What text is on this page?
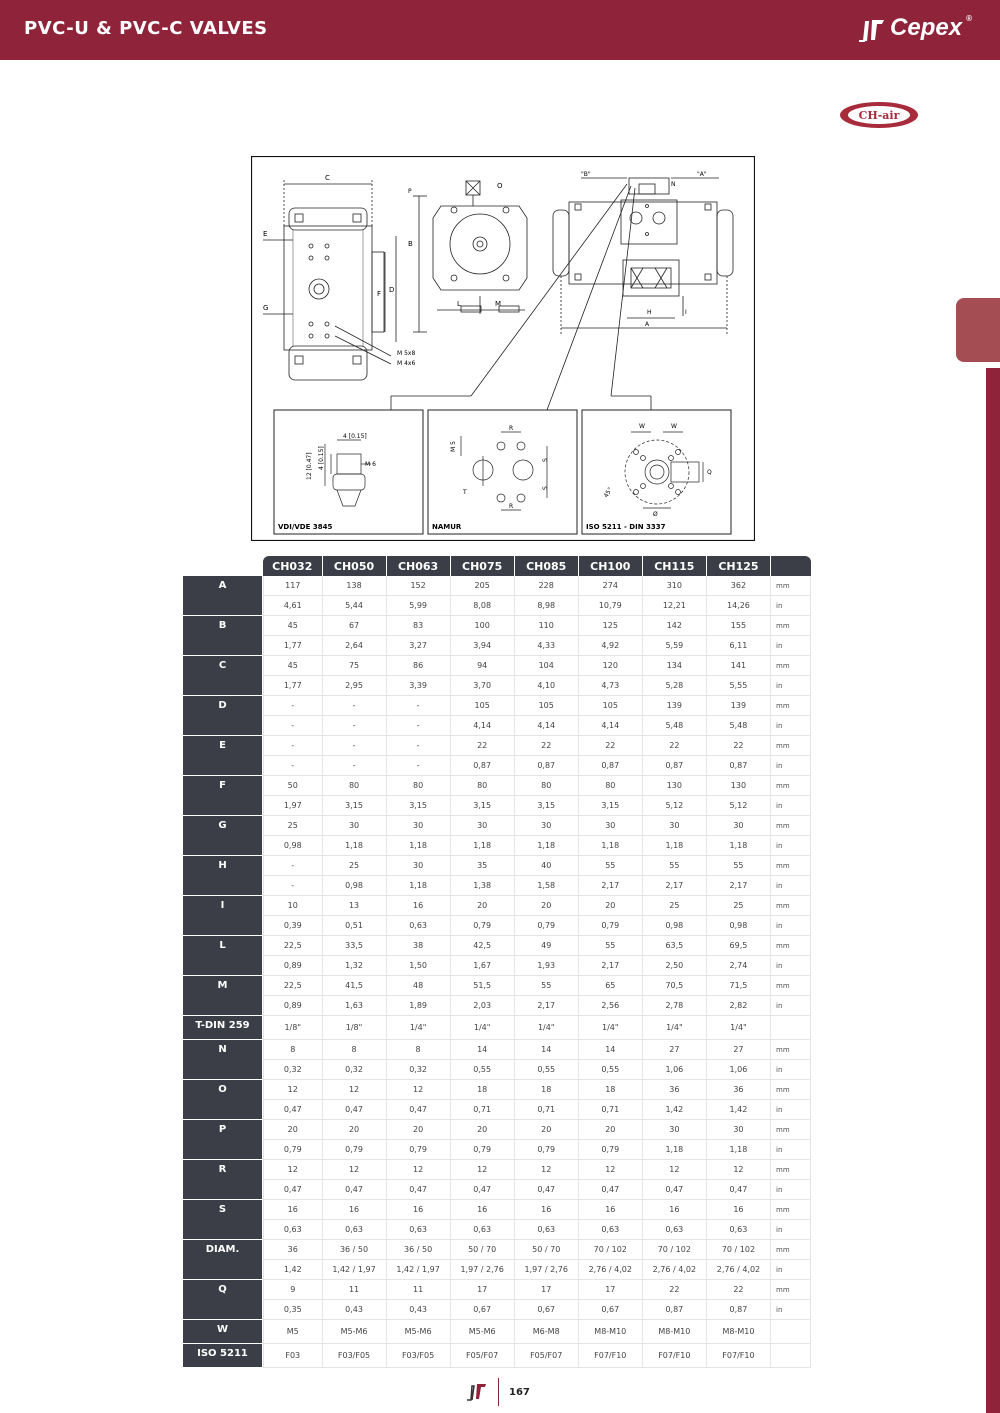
PVC-U & PVC-C VALVES	Cepex ®
CH-air
C
E
G
F D
M 5x8
M 4x6
P
B
O
L	M
"B"
N
"A"
H	I
A
4 [0.15]
12 [0.47] 4 [0.15]	M 6
VDI/VDE 3845
R
R
S
S
M 5
T
NAMUR
W	W
Q
Ø
45°
ISO 5211 - DIN 3337
	CH032	CH050	CH063	CH075	CH085	CH100	CH115	CH125	
A	117	138	152	205	228	274	310	362	mm
	4,61	5,44	5,99	8,08	8,98	10,79	12,21	14,26	in
B	45	67	83	100	110	125	142	155	mm
	1,77	2,64	3,27	3,94	4,33	4,92	5,59	6,11	in
C	45	75	86	94	104	120	134	141	mm
	1,77	2,95	3,39	3,70	4,10	4,73	5,28	5,55	in
D	-	-	-	105	105	105	139	139	mm
	-	-	-	4,14	4,14	4,14	5,48	5,48	in
E	-	-	-	22	22	22	22	22	mm
	-	-	-	0,87	0,87	0,87	0,87	0,87	in
F	50	80	80	80	80	80	130	130	mm
	1,97	3,15	3,15	3,15	3,15	3,15	5,12	5,12	in
G	25	30	30	30	30	30	30	30	mm
	0,98	1,18	1,18	1,18	1,18	1,18	1,18	1,18	in
H	-	25	30	35	40	55	55	55	mm
	-	0,98	1,18	1,38	1,58	2,17	2,17	2,17	in
I	10	13	16	20	20	20	25	25	mm
	0,39	0,51	0,63	0,79	0,79	0,79	0,98	0,98	in
L	22,5	33,5	38	42,5	49	55	63,5	69,5	mm
	0,89	1,32	1,50	1,67	1,93	2,17	2,50	2,74	in
M	22,5	41,5	48	51,5	55	65	70,5	71,5	mm
	0,89	1,63	1,89	2,03	2,17	2,56	2,78	2,82	in
T-DIN 259	1/8"	1/8"	1/4"	1/4"	1/4"	1/4"	1/4"	1/4"	
N	8	8	8	14	14	14	27	27	mm
	0,32	0,32	0,32	0,55	0,55	0,55	1,06	1,06	in
O	12	12	12	18	18	18	36	36	mm
	0,47	0,47	0,47	0,71	0,71	0,71	1,42	1,42	in
P	20	20	20	20	20	20	30	30	mm
	0,79	0,79	0,79	0,79	0,79	0,79	1,18	1,18	in
R	12	12	12	12	12	12	12	12	mm
	0,47	0,47	0,47	0,47	0,47	0,47	0,47	0,47	in
S	16	16	16	16	16	16	16	16	mm
	0,63	0,63	0,63	0,63	0,63	0,63	0,63	0,63	in
DIAM.	36	36 / 50	36 / 50	50 / 70	50 / 70	70 / 102	70 / 102	70 / 102	mm
	1,42	1,42 / 1,97	1,42 / 1,97	1,97 / 2,76	1,97 / 2,76	2,76 / 4,02	2,76 / 4,02	2,76 / 4,02	in
Q	9	11	11	17	17	17	22	22	mm
	0,35	0,43	0,43	0,67	0,67	0,67	0,87	0,87	in
W	M5	M5-M6	M5-M6	M5-M6	M6-M8	M8-M10	M8-M10	M8-M10	
ISO 5211	F03	F03/F05	F03/F05	F05/F07	F05/F07	F07/F10	F07/F10	F07/F10	
167
